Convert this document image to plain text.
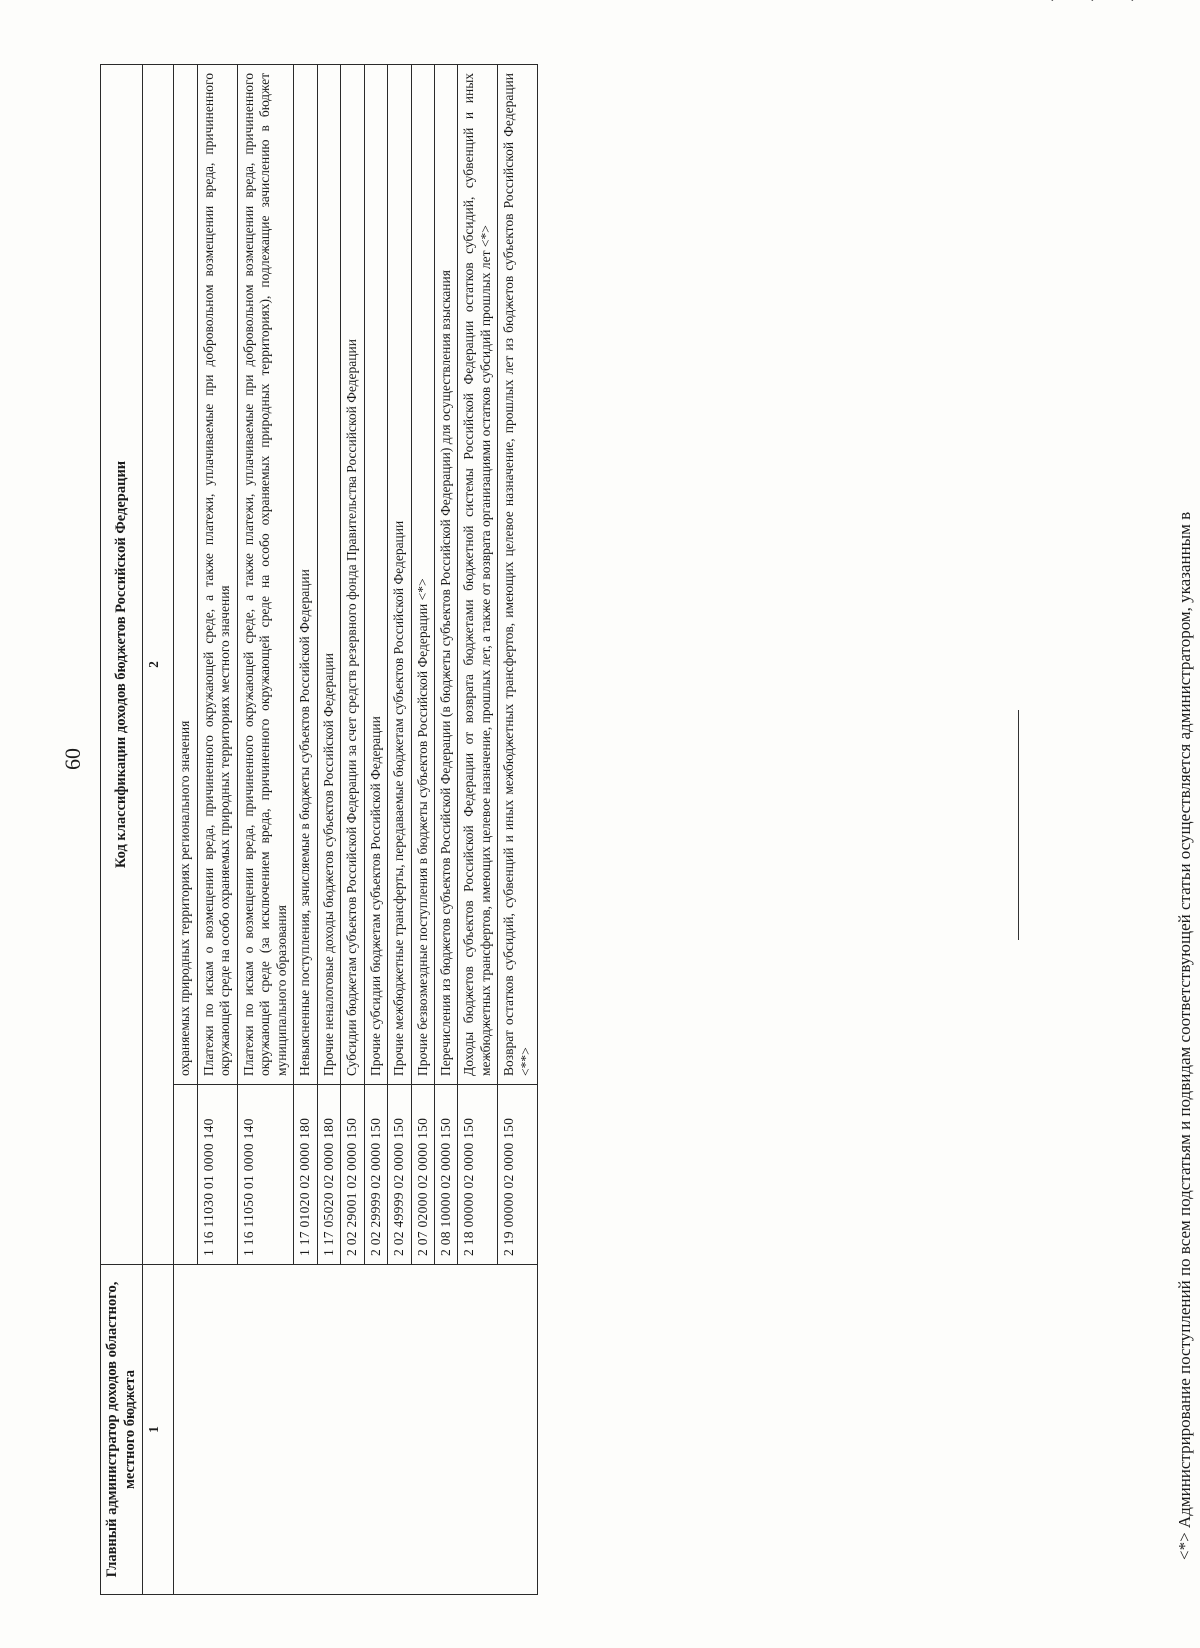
·	·	·
60
Главный администратор доходов областного, местного бюджета	Код классификации доходов бюджетов Российской Федерации	
1	2	
		охраняемых природных территориях регионального значения
	1 16 11030 01 0000 140	Платежи по искам о возмещении вреда, причиненного окружающей среде, а также платежи, уплачиваемые при добровольном возмещении вреда, причиненного окружающей среде на особо охраняемых природных территориях местного значения
	1 16 11050 01 0000 140	Платежи по искам о возмещении вреда, причиненного окружающей среде, а также платежи, уплачиваемые при добровольном возмещении вреда, причиненного окружающей среде (за исключением вреда, причиненного окружающей среде на особо охраняемых природных территориях), подлежащие зачислению в бюджет муниципального образования
	1 17 01020 02 0000 180	Невыясненные поступления, зачисляемые в бюджеты субъектов Российской Федерации
	1 17 05020 02 0000 180	Прочие неналоговые доходы бюджетов субъектов Российской Федерации
	2 02 29001 02 0000 150	Субсидии бюджетам субъектов Российской Федерации за счет средств резервного фонда Правительства Российской Федерации
	2 02 29999 02 0000 150	Прочие субсидии бюджетам субъектов Российской Федерации
	2 02 49999 02 0000 150	Прочие межбюджетные трансферты, передаваемые бюджетам субъектов Российской Федерации
	2 07 02000 02 0000 150	Прочие безвозмездные поступления в бюджеты субъектов Российской Федерации <*>
	2 08 10000 02 0000 150	Перечисления из бюджетов субъектов Российской Федерации (в бюджеты субъектов Российской Федерации) для осуществления взыскания
	2 18 00000 02 0000 150	Доходы бюджетов субъектов Российской Федерации от возврата бюджетами бюджетной системы Российской Федерации остатков субсидий, субвенций и иных межбюджетных трансфертов, имеющих целевое назначение, прошлых лет, а также от возврата организациями остатков субсидий прошлых лет <*>
	2 19 00000 02 0000 150	Возврат остатков субсидий, субвенций и иных межбюджетных трансфертов, имеющих целевое назначение, прошлых лет из бюджетов субъектов Российской Федерации <**>	<*> Администрирование поступлений по всем подстатьям и подвидам соответствующей статьи осуществляется администратором, указанным в
